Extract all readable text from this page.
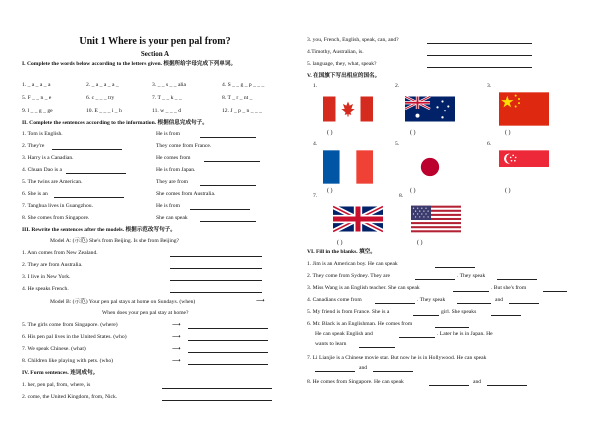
Unit 1 Where is your pen pal from?
Section A
I. Complete the words below according to the letters given. 根据所给字母完成下列单词。
1. _ a _ a _ a	2. _ a _ a _ a _	3. _ _ s _ _ alia	4. S _ _ g _ p _ _ _
5. F _ _ n _ e	6. c _ _ _ try	7. T _ _ k _ _	8. T _ r _ nt _
9. l _ _ g _ ge	10. E _ _ _ i _ h	11. w _ _ _ d	12. J _ p _ n _ _ _
II. Complete the sentences according to the information. 根据信息完成句子。
1. Tom is English.	He is from
2. They're	They come from France.
3. Harry is a Canadian.	He comes from
4. Chuan Dao is a	He is from Japan.
5. The twins are American.	They are from
6. She is an	She comes from Australia.
7. Tanghua lives in Guangzhou.	He is from
8. She comes from Singapore.	She can speak
III. Rewrite the sentences after the models. 根据示范改写句子。
Model A: (示范) She's from Beijing. Is she from Beijing?
1. Ann comes from New Zealand.
2. They are from Australia.
3. I live in New York.
4. He speaks French.
Model B: (示范) Your pen pal stays at home on Sundays. (when)	⟶
When does your pen pal stay at home?
5. The girls come from Singapore. (where)	⟶
6. His pen pal lives in the United States. (who)	⟶
7. We speak Chinese. (what)	⟶
8. Children like playing with pets. (who)	⟶
IV. Form sentences. 连词成句。
1. her, pen pal, from, where, is
2. come, the United Kingdom, from, Nick.
3. you, French, English, speak, can, and?
4.Timothy, Australian, is.
5. language, they, what, speak?
V. 在国旗下写出相应的国名。
1.
( )
2.
( )
3.
( )
4.
( )
5.
( )
6.
( )
7.
( )
8.
( )
VI. Fill in the blanks. 填空。
1. Jim is an American boy. He can speak
2. They come from Sydney. They are	. They speak
3. Miss Wang is an English teacher. She can speak	. But she's from
4. Canadians come from	. They speak	and
5. My friend is from France. She is a	girl. She speaks
6. Mr. Black is an Englishman. He comes from
He can speak English and	. Later he is in Japan. He
wants to learn
7. Li Lianjie is a Chinese movie star. But now he is in Hollywood. He can speak
and
8. He comes from Singapore. He can speak	and
